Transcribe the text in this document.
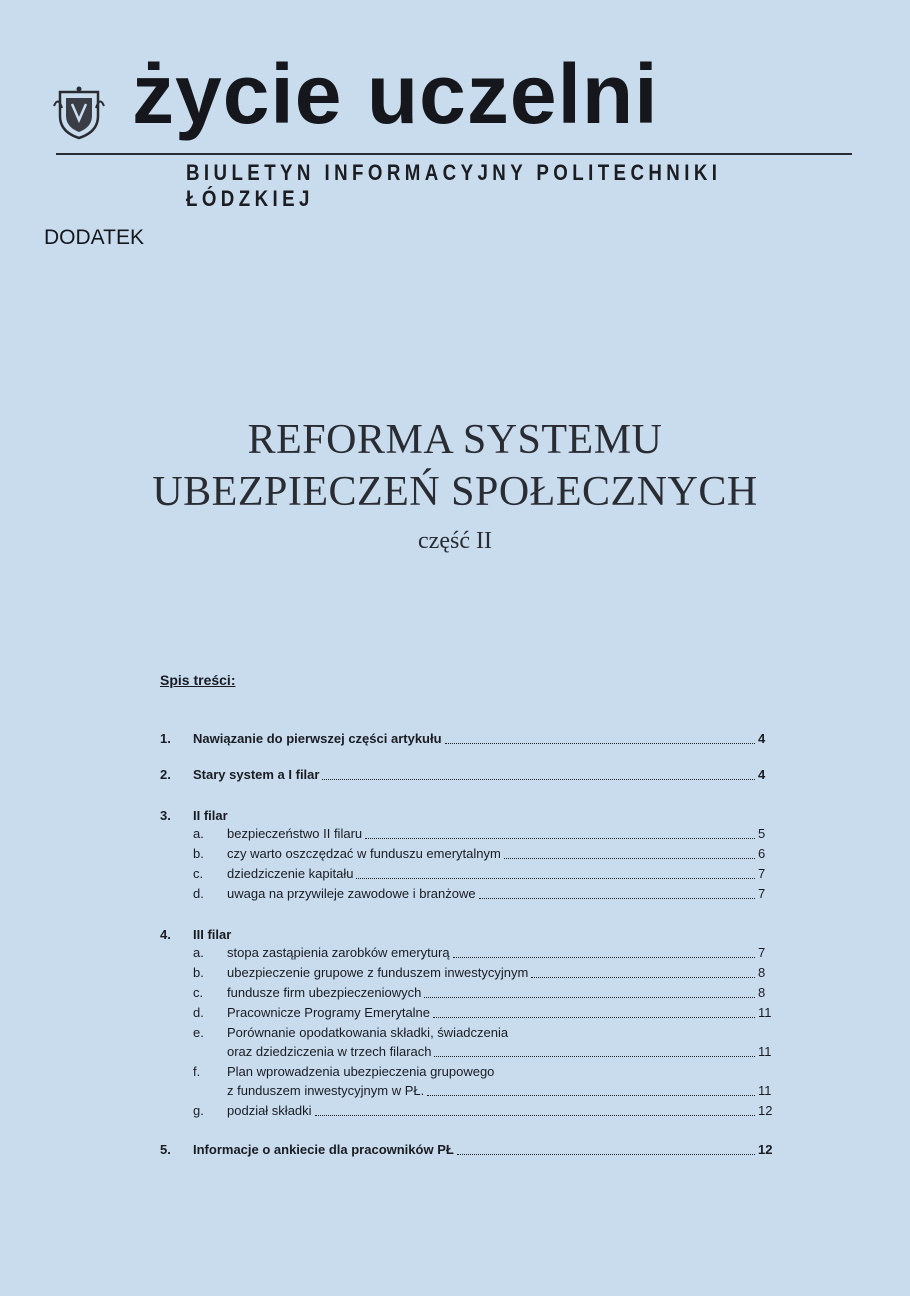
życie uczelni
BIULETYN INFORMACYJNY POLITECHNIKI ŁÓDZKIEJ
DODATEK
REFORMA SYSTEMU
UBEZPIECZEŃ SPOŁECZNYCH
część II
Spis treści:
1.	Nawiązanie do pierwszej części artykułu	4
2.	Stary system a I filar	4
3. II filar
a.	bezpieczeństwo II filaru	5
b.	czy warto oszczędzać w funduszu emerytalnym	6
c.	dziedziczenie kapitału	7
d.	uwaga na przywileje zawodowe i branżowe	7
4. III filar
a.	stopa zastąpienia zarobków emeryturą	7
b.	ubezpieczenie grupowe z funduszem inwestycyjnym	8
c.	fundusze firm ubezpieczeniowych	8
d.	Pracownicze Programy Emerytalne	11
e. Porównanie opodatkowania składki, świadczenia
oraz dziedziczenia w trzech filarach	11
f. Plan wprowadzenia ubezpieczenia grupowego
z funduszem inwestycyjnym w PŁ.	11
g.	podział składki	12
5.	Informacje o ankiecie dla pracowników PŁ	12
